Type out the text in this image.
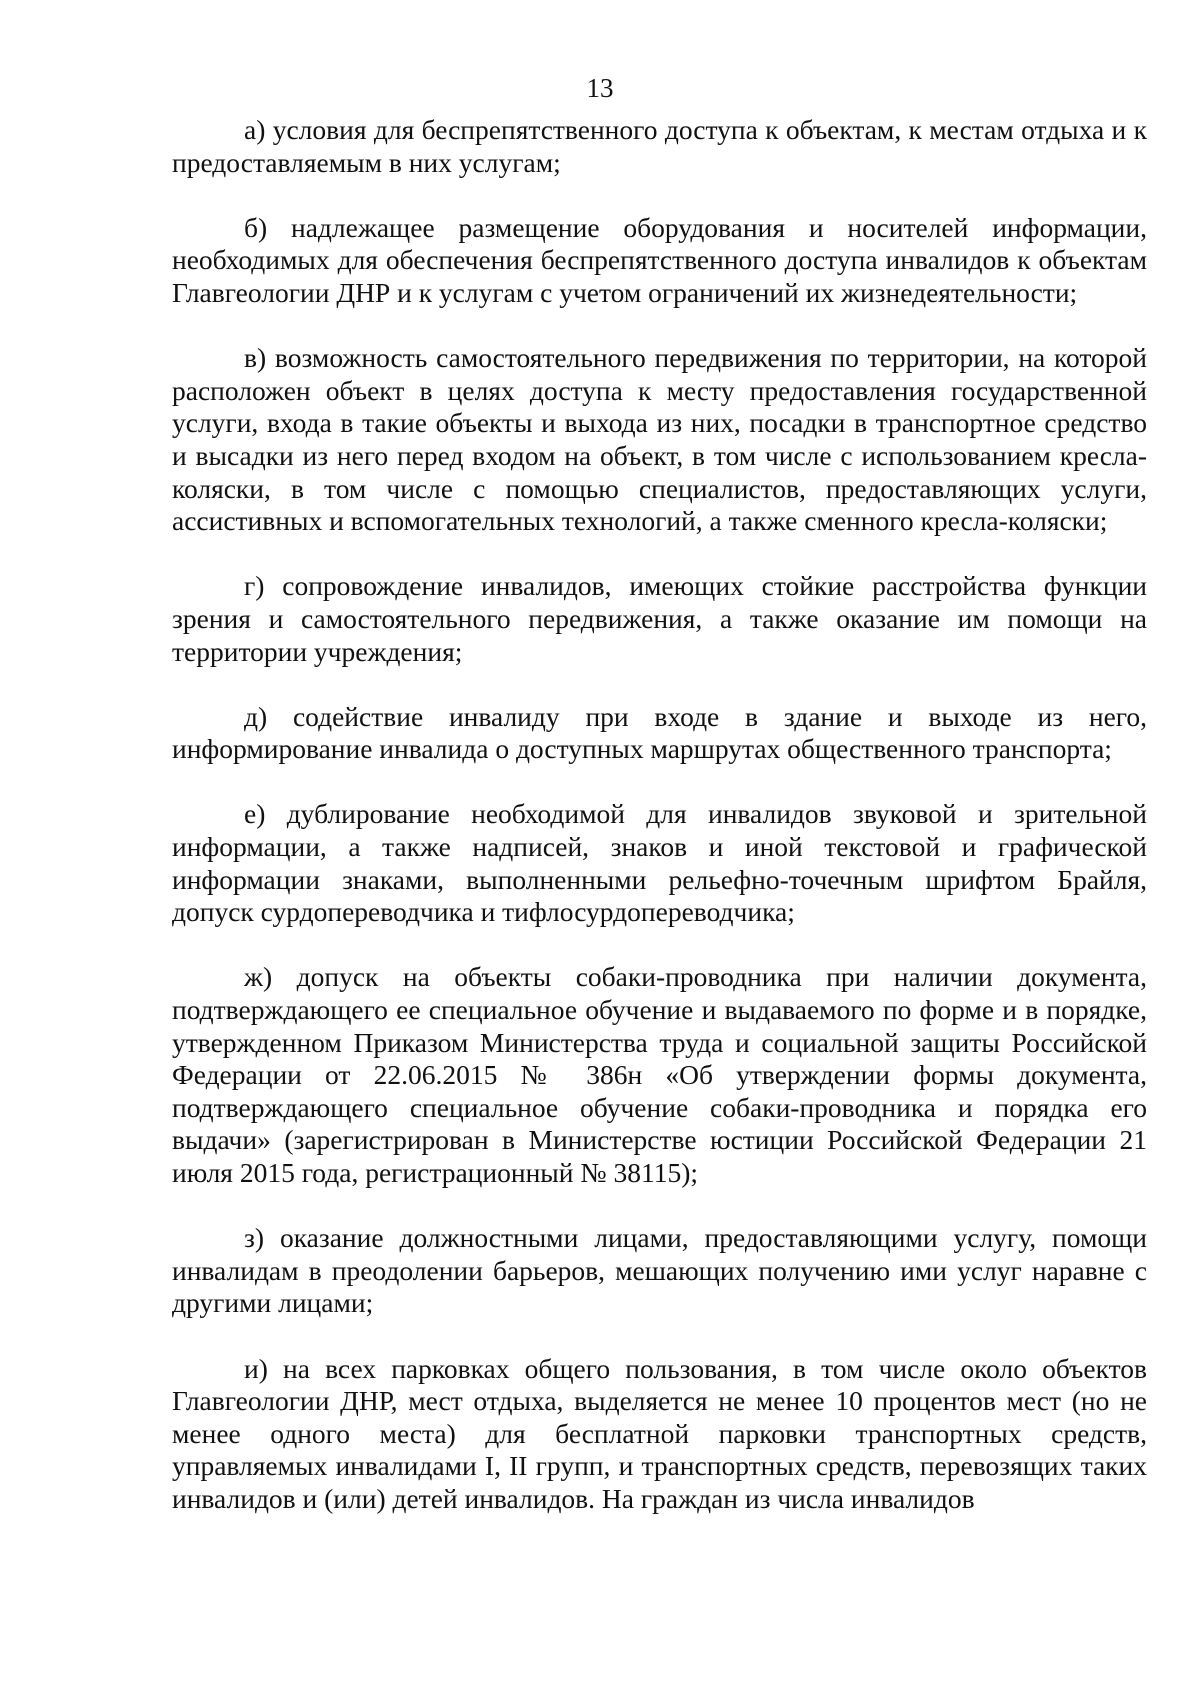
13

а) условия для беспрепятственного доступа к объектам, к местам отдыха и к предоставляемым в них услугам;

б) надлежащее размещение оборудования и носителей информации, необходимых для обеспечения беспрепятственного доступа инвалидов к объектам Главгеологии ДНР и к услугам с учетом ограничений их жизнедеятельности;

в) возможность самостоятельного передвижения по территории, на которой расположен объект в целях доступа к месту предоставления государственной услуги, входа в такие объекты и выхода из них, посадки в транспортное средство и высадки из него перед входом на объект, в том числе с использованием кресла-коляски, в том числе с помощью специалистов, предоставляющих услуги, ассистивных и вспомогательных технологий, а также сменного кресла-коляски;

г) сопровождение инвалидов, имеющих стойкие расстройства функции зрения и самостоятельного передвижения, а также оказание им помощи на территории учреждения;

д) содействие инвалиду при входе в здание и выходе из него, информирование инвалида о доступных маршрутах общественного транспорта;

е) дублирование необходимой для инвалидов звуковой и зрительной информации, а также надписей, знаков и иной текстовой и графической информации знаками, выполненными рельефно-точечным шрифтом Брайля, допуск сурдопереводчика и тифлосурдопереводчика;

ж) допуск на объекты собаки-проводника при наличии документа, подтверждающего ее специальное обучение и выдаваемого по форме и в порядке, утвержденном Приказом Министерства труда и социальной защиты Российской Федерации от 22.06.2015 № 386н «Об утверждении формы документа, подтверждающего специальное обучение собаки-проводника и порядка его выдачи» (зарегистрирован в Министерстве юстиции Российской Федерации 21 июля 2015 года, регистрационный № 38115);

з) оказание должностными лицами, предоставляющими услугу, помощи инвалидам в преодолении барьеров, мешающих получению ими услуг наравне с другими лицами;

и) на всех парковках общего пользования, в том числе около объектов Главгеологии ДНР, мест отдыха, выделяется не менее 10 процентов мест (но не менее одного места) для бесплатной парковки транспортных средств, управляемых инвалидами I, II групп, и транспортных средств, перевозящих таких инвалидов и (или) детей инвалидов. На граждан из числа инвалидов
